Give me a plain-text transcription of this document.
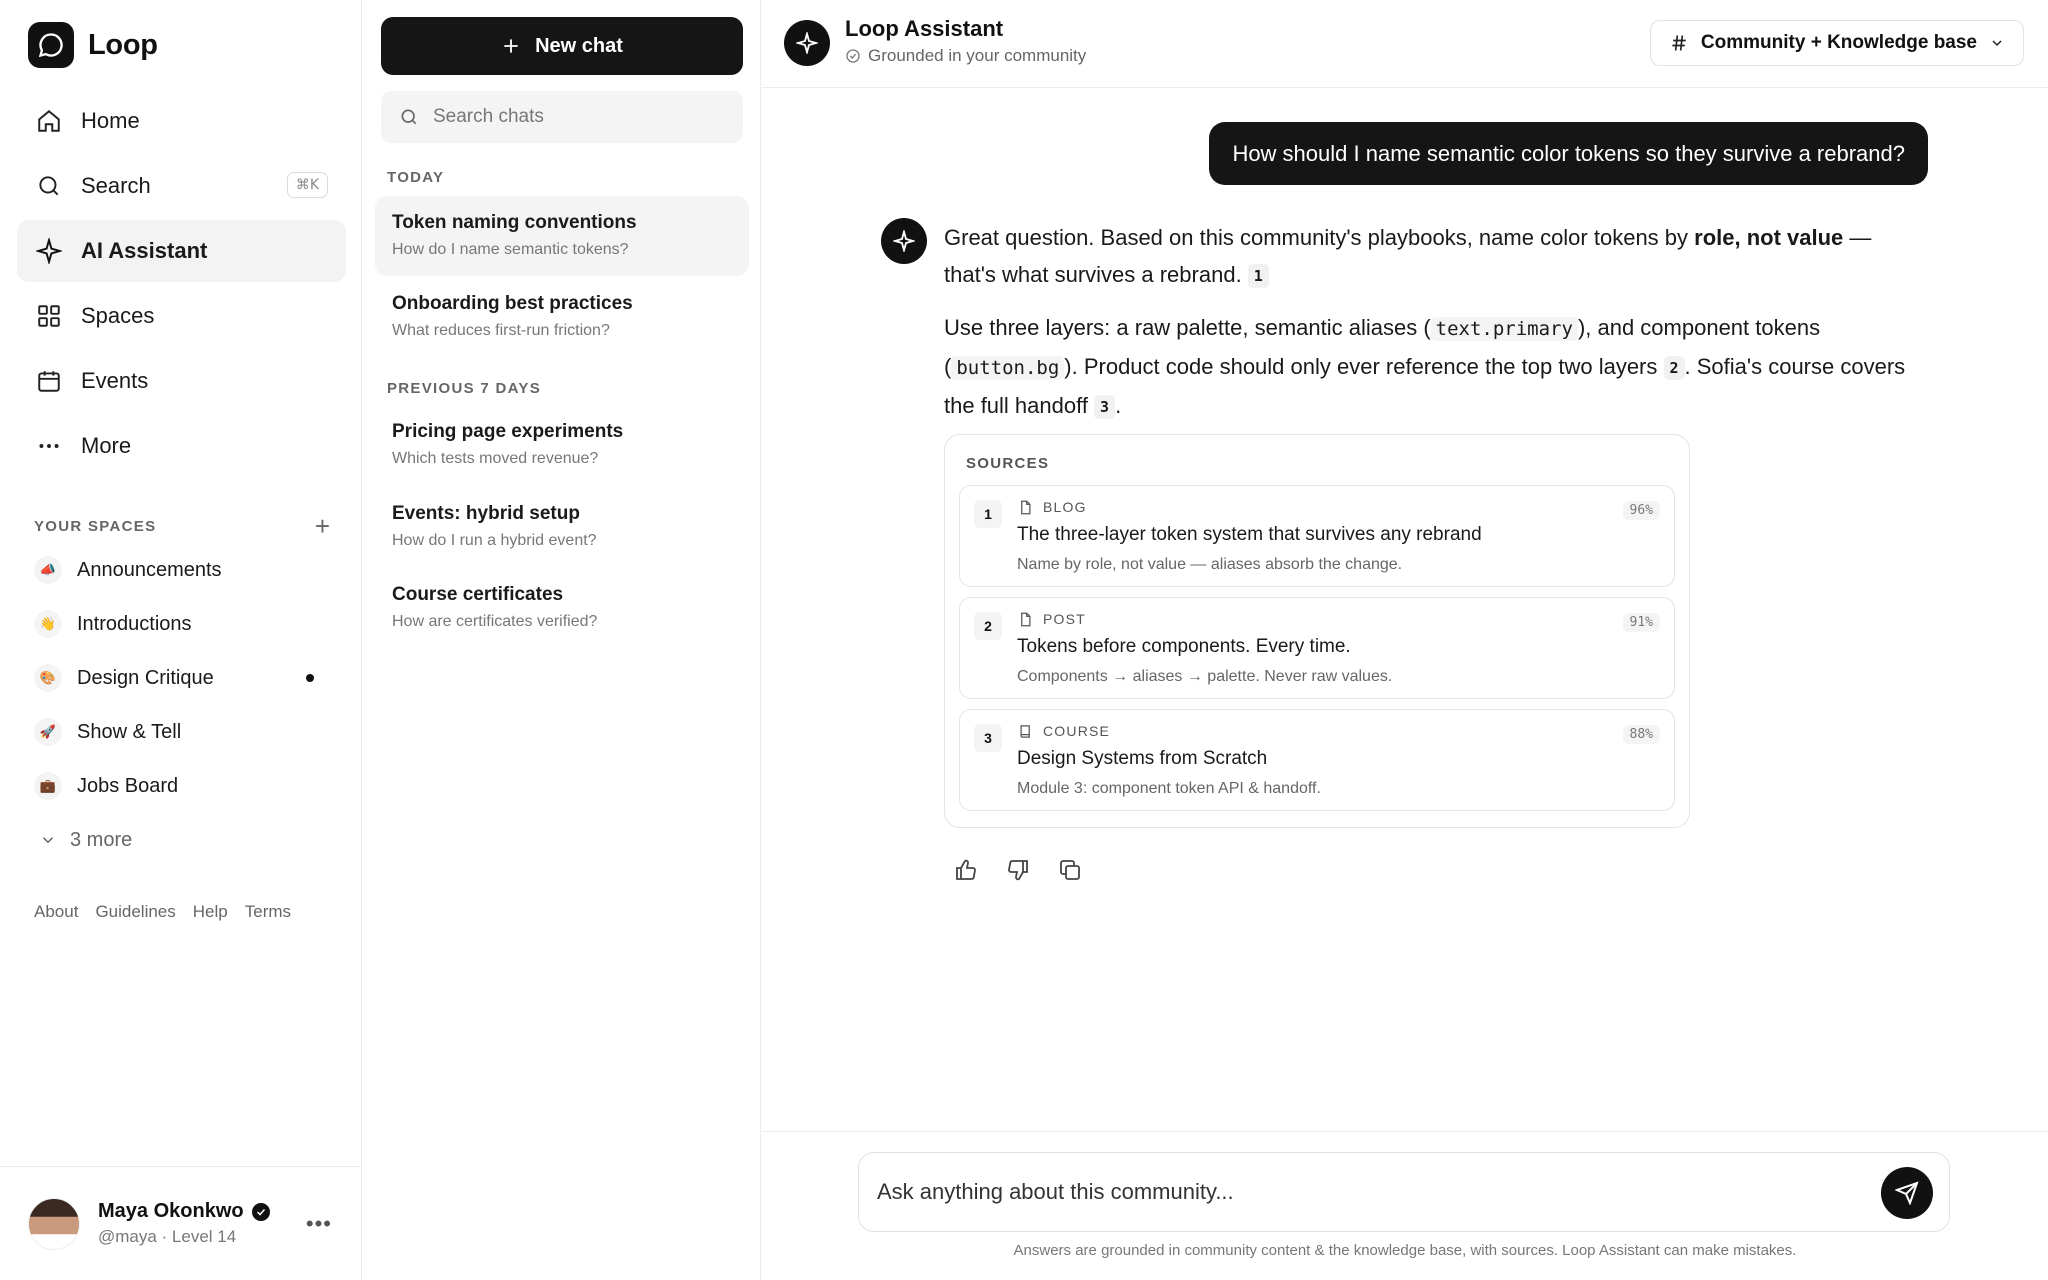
Loop
Home
Search	⌘K
AI Assistant
Spaces
Events
More
YOUR SPACES	+
📣 Announcements
👋 Introductions
🎨 Design Critique
🚀 Show & Tell
💼 Jobs Board
3 more
About Guidelines Help Terms
Maya Okonkwo
@maya · Level 14
•••
New chat
Search chats
TODAY
Token naming conventions
How do I name semantic tokens?
Onboarding best practices
What reduces first-run friction?
PREVIOUS 7 DAYS
Pricing page experiments
Which tests moved revenue?
Events: hybrid setup
How do I run a hybrid event?
Course certificates
How are certificates verified?
Loop Assistant
Grounded in your community
Community + Knowledge base
How should I name semantic color tokens so they survive a rebrand?

Great question. Based on this community's playbooks, name color tokens by role, not value — that's what survives a rebrand. 1

Use three layers: a raw palette, semantic aliases ( text.primary ), and component tokens ( button.bg ). Product code should only ever reference the top two layers 2 . Sofia's course covers the full handoff 3 .

SOURCES
1	BLOG
The three-layer token system that survives any rebrand
Name by role, not value — aliases absorb the change.
96%
2	POST
Tokens before components. Every time.
Components → aliases → palette. Never raw values.
91%
3	COURSE
Design Systems from Scratch
Module 3: component token API & handoff.
88%
Ask anything about this community...
Answers are grounded in community content & the knowledge base, with sources. Loop Assistant can make mistakes.
